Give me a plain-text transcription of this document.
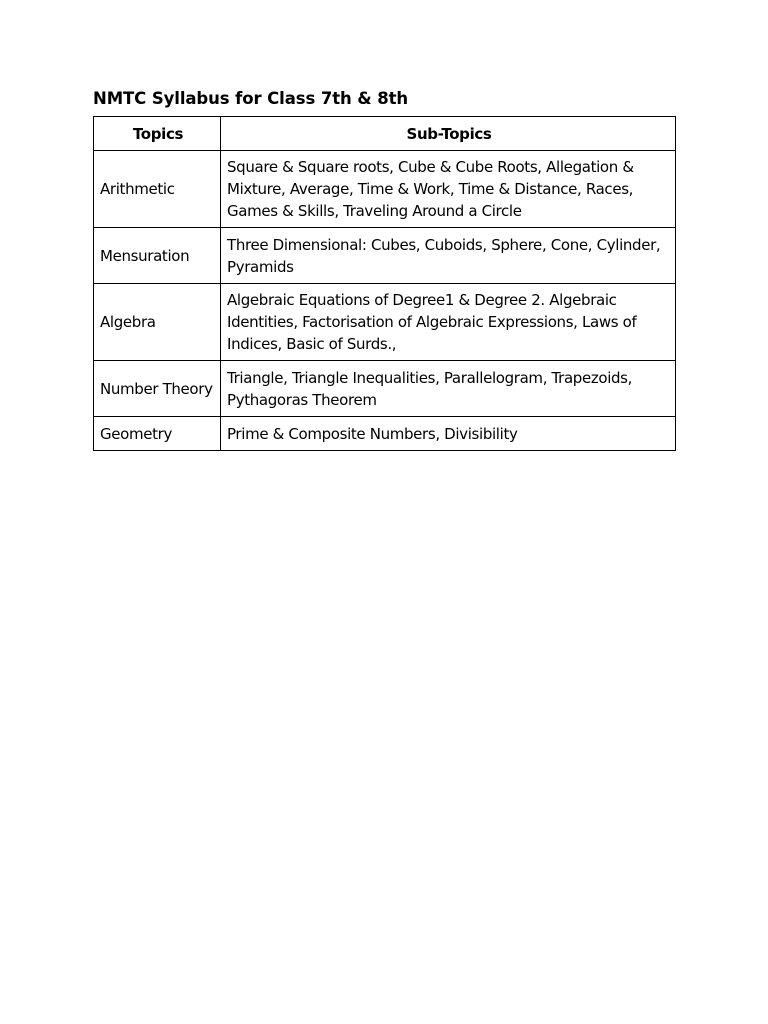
NMTC Syllabus for Class 7th & 8th
Topics	Sub-Topics
Arithmetic	Square & Square roots, Cube & Cube Roots, Allegation & Mixture, Average, Time & Work, Time & Distance, Races, Games & Skills, Traveling Around a Circle
Mensuration	Three Dimensional: Cubes, Cuboids, Sphere, Cone, Cylinder, Pyramids
Algebra	Algebraic Equations of Degree1 & Degree 2. Algebraic Identities, Factorisation of Algebraic Expressions, Laws of Indices, Basic of Surds.,
Number Theory	Triangle, Triangle Inequalities, Parallelogram, Trapezoids, Pythagoras Theorem
Geometry	Prime & Composite Numbers, Divisibility
